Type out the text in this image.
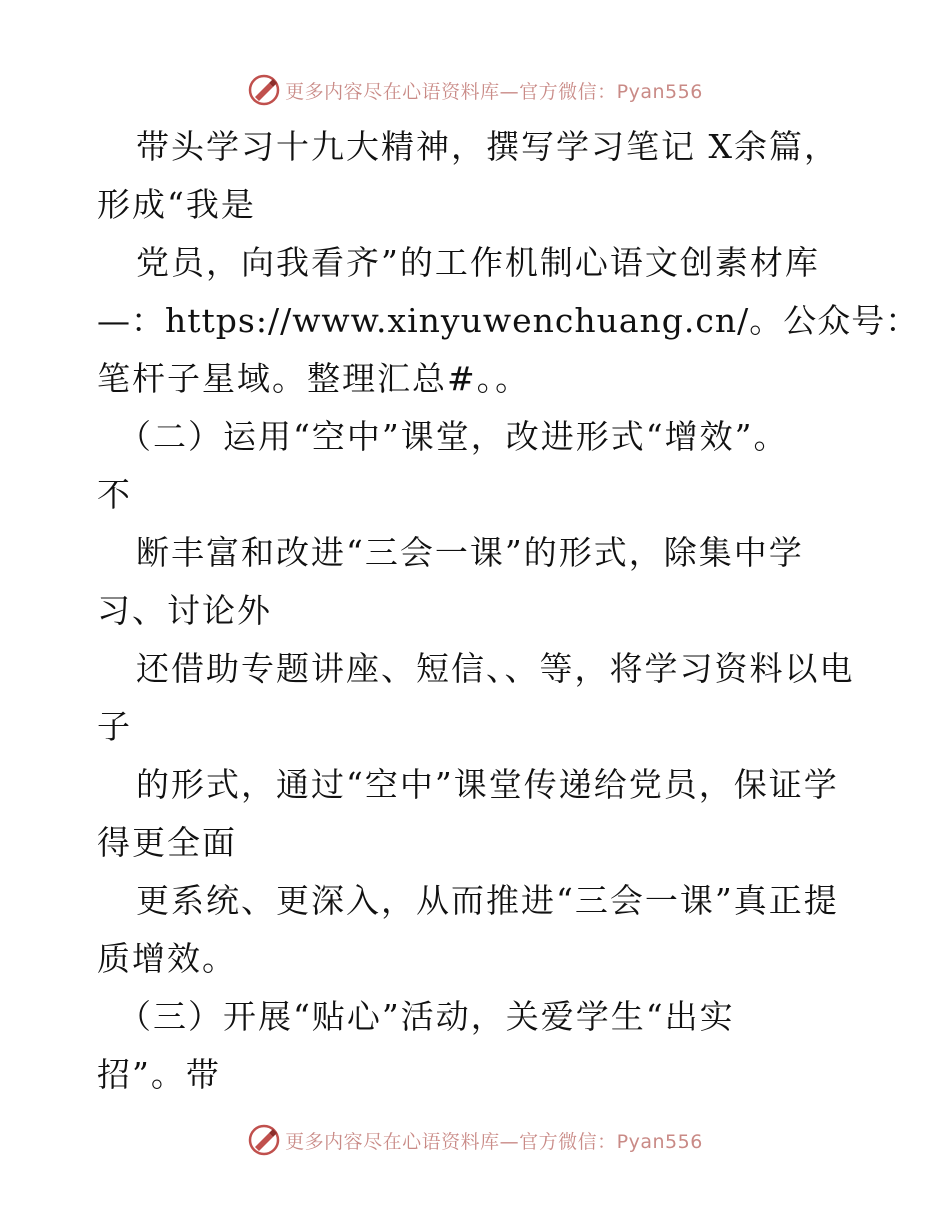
更多内容尽在心语资料库—官方微信：Pyan556
带头学习十九大精神，撰写学习笔记 X余篇，
形成“我是
党员，向我看齐”的工作机制心语文创素材库
—：https://www.xinyuwenchuang.cn/。公众号：
笔杆子星域。整理汇总#。。
（二）运用“空中”课堂，改进形式“增效”。
不
断丰富和改进“三会一课”的形式，除集中学
习、讨论外
还借助专题讲座、短信、、等，将学习资料以电
子
的形式，通过“空中”课堂传递给党员，保证学
得更全面
更系统、更深入，从而推进“三会一课”真正提
质增效。
（三）开展“贴心”活动，关爱学生“出实
招”。带
更多内容尽在心语资料库—官方微信：Pyan556
